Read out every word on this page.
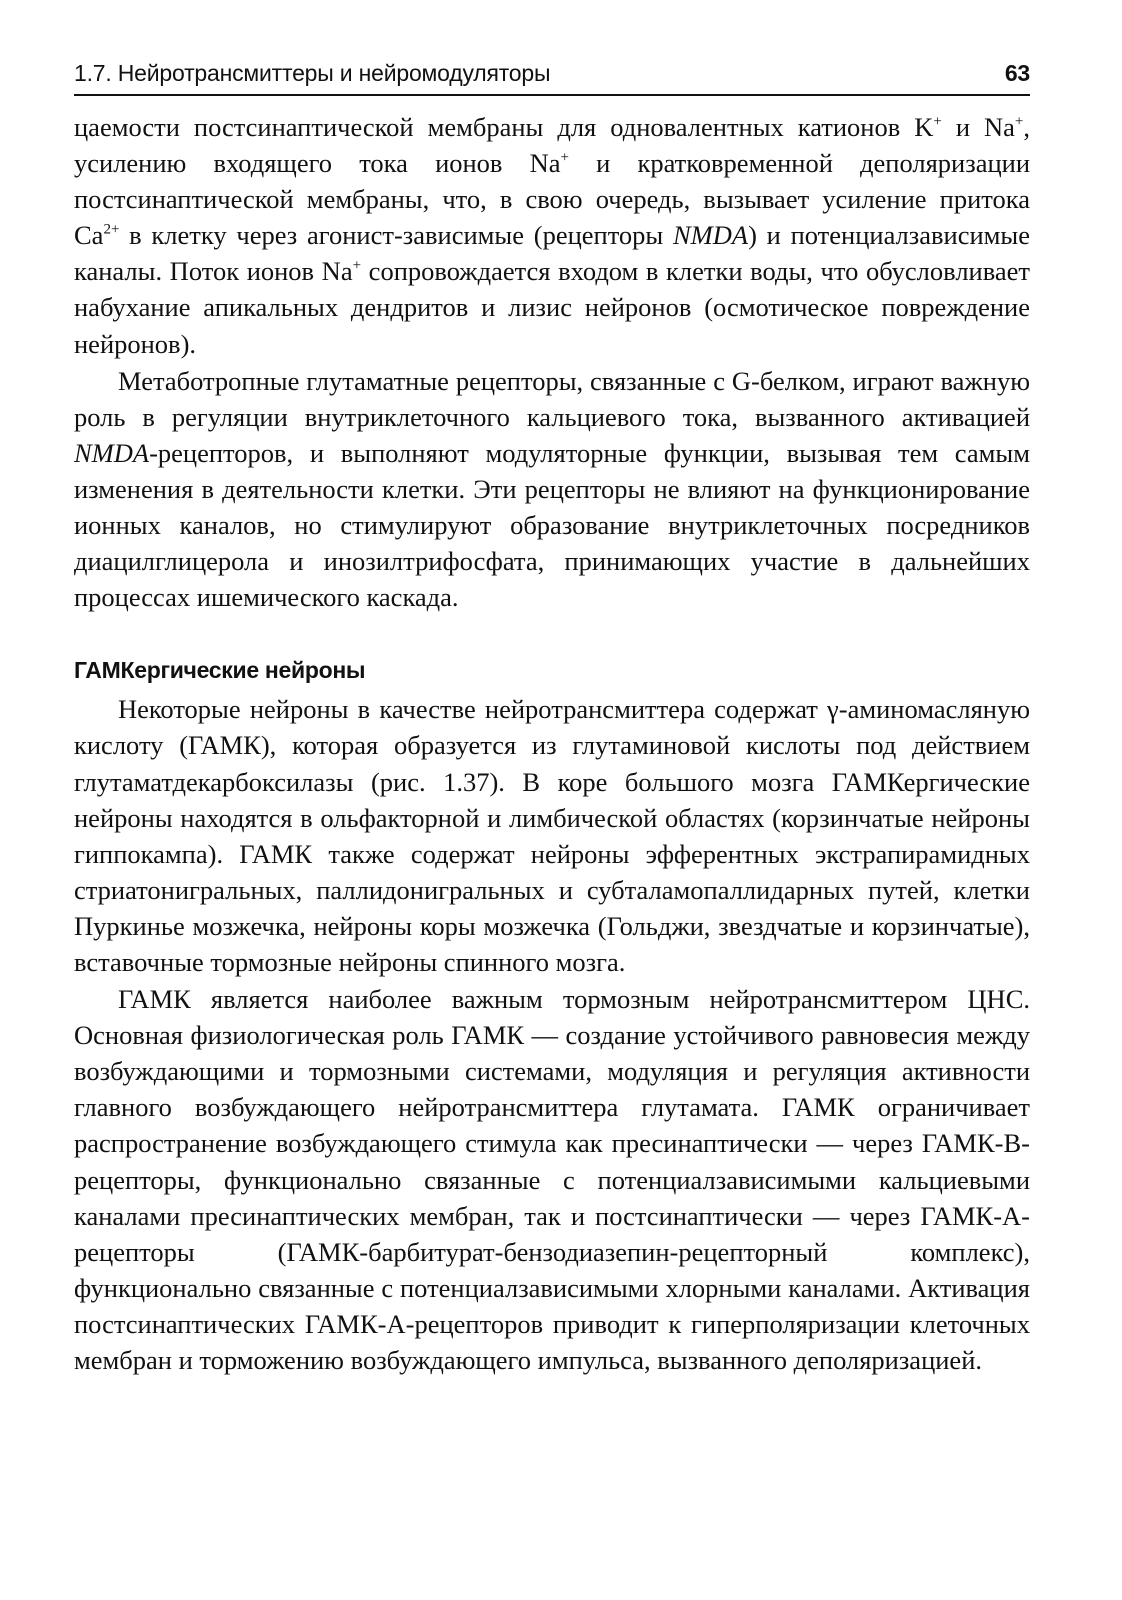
1.7. Нейротрансмиттеры и нейромодуляторы	63

цаемости постсинаптической мембраны для одновалентных катионов K+ и Na+, усилению входящего тока ионов Na+ и кратковременной деполяризации постсинаптической мембраны, что, в свою очередь, вызывает усиление притока $Ca^{2+}$ в клетку через агонист-зависимые (рецепторы NMDA) и потенциалзависимые каналы. Поток ионов Na+ сопровождается входом в клетки воды, что обусловливает набухание апикальных дендритов и лизис нейронов (осмотическое повреждение нейронов).

Метаботропные глутаматные рецепторы, связанные с G-белком, играют важную роль в регуляции внутриклеточного кальциевого тока, вызванного активацией NMDA-рецепторов, и выполняют модуляторные функции, вызывая тем самым изменения в деятельности клетки. Эти рецепторы не влияют на функционирование ионных каналов, но стимулируют образование внутриклеточных посредников диацилглицерола и инозилтрифосфата, принимающих участие в дальнейших процессах ишемического каскада.

ГАМКергические нейроны

Некоторые нейроны в качестве нейротрансмиттера содержат γ-аминомасляную кислоту (ГАМК), которая образуется из глутаминовой кислоты под действием глутаматдекарбоксилазы (рис. 1.37). В коре большого мозга ГАМКергические нейроны находятся в ольфакторной и лимбической областях (корзинчатые нейроны гиппокампа). ГАМК также содержат нейроны эфферентных экстрапирамидных стриатонигральных, паллидонигральных и субталамопаллидарных путей, клетки Пуркинье мозжечка, нейроны коры мозжечка (Гольджи, звездчатые и корзинчатые), вставочные тормозные нейроны спинного мозга.

ГАМК является наиболее важным тормозным нейротрансмиттером ЦНС. Основная физиологическая роль ГАМК — создание устойчивого равновесия между возбуждающими и тормозными системами, модуляция и регуляция активности главного возбуждающего нейротрансмиттера глутамата. ГАМК ограничивает распространение возбуждающего стимула как пресинаптически — через ГАМК-B-рецепторы, функционально связанные с потенциалзависимыми кальциевыми каналами пресинаптических мембран, так и постсинаптически — через ГАМК-A-рецепторы (ГАМК-барбитурат-бензодиазепин-рецепторный комплекс), функционально связанные с потенциалзависимыми хлорными каналами. Активация постсинаптических ГАМК-A-рецепторов приводит к гиперполяризации клеточных мембран и торможению возбуждающего импульса, вызванного деполяризацией.
